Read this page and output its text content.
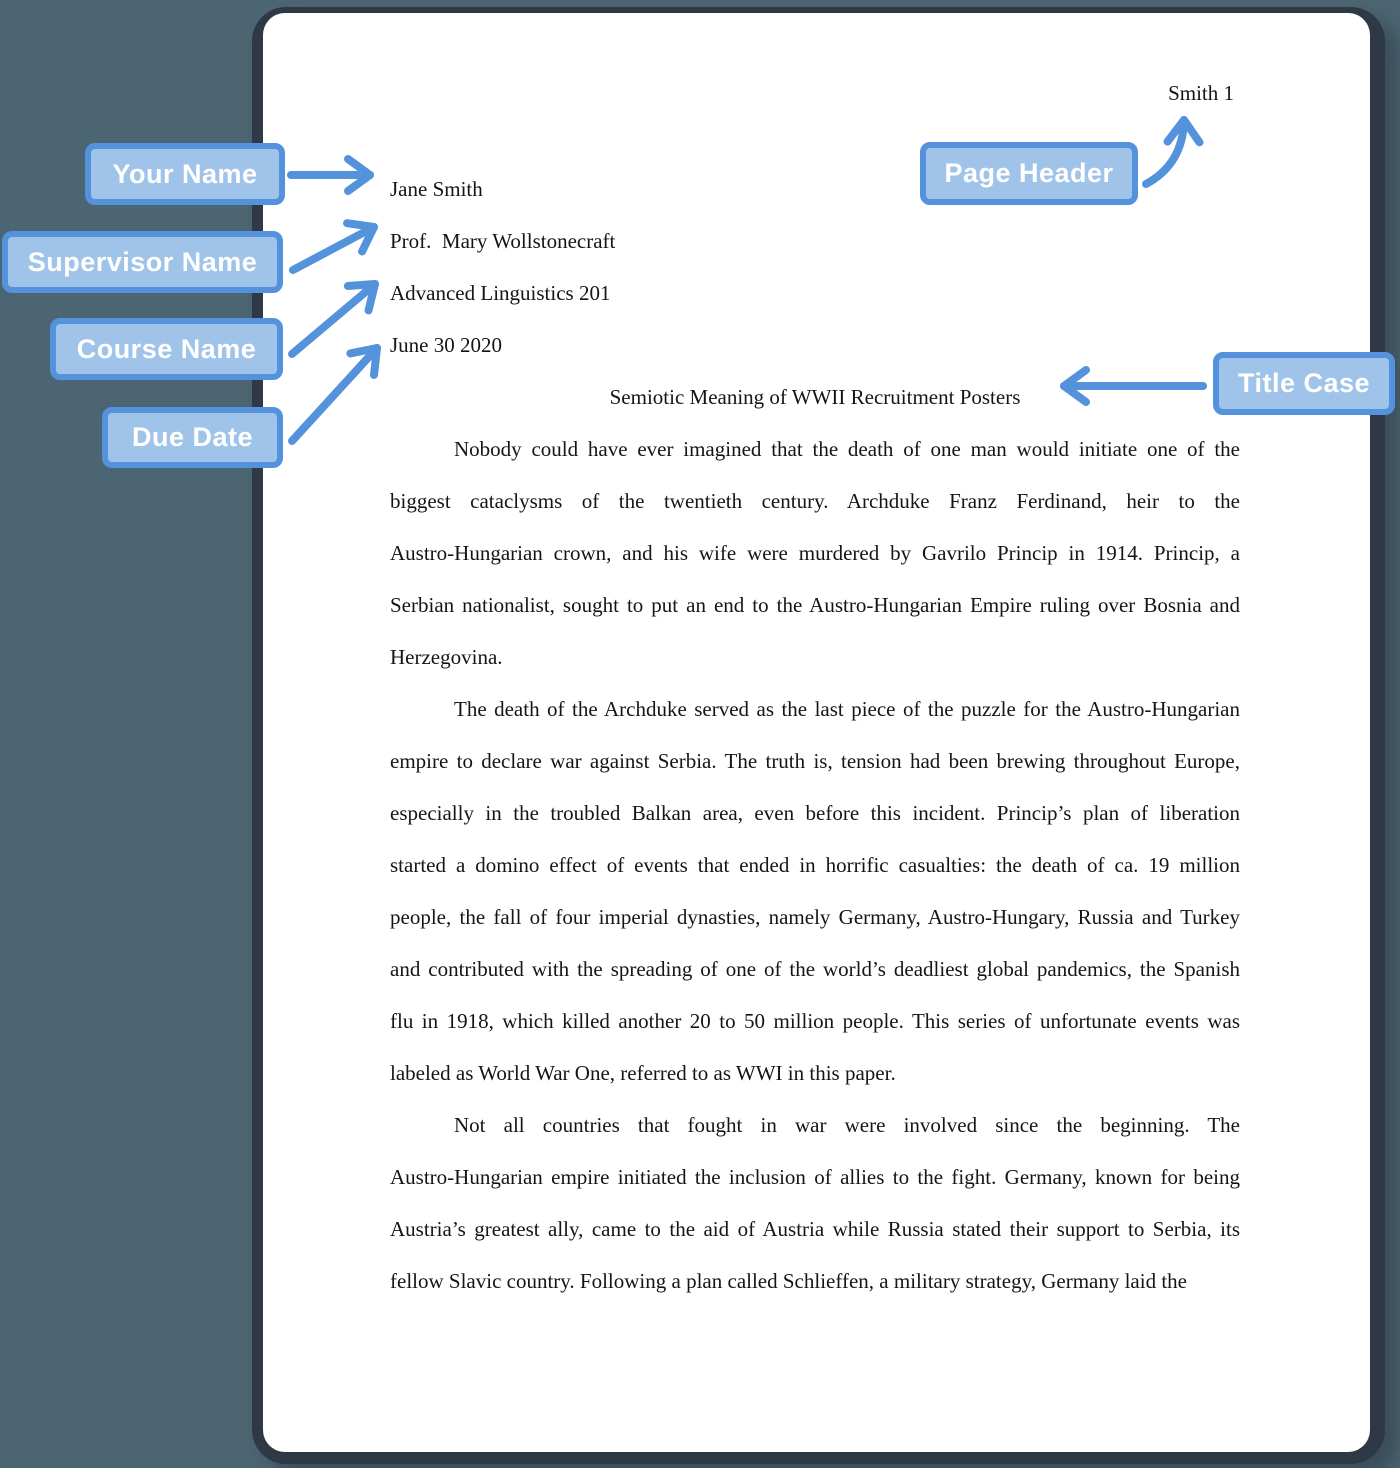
Smith 1
Jane Smith
Prof.  Mary Wollstonecraft
Advanced Linguistics 201
June 30 2020
Semiotic Meaning of WWII Recruitment Posters
Nobody could have ever imagined that the death of one man would initiate one of the
biggest cataclysms of the twentieth century. Archduke Franz Ferdinand, heir to the
Austro-Hungarian crown, and his wife were murdered by Gavrilo Princip in 1914. Princip, a
Serbian nationalist, sought to put an end to the Austro-Hungarian Empire ruling over Bosnia and
Herzegovina.
The death of the Archduke served as the last piece of the puzzle for the Austro-Hungarian
empire to declare war against Serbia. The truth is, tension had been brewing throughout Europe,
especially in the troubled Balkan area, even before this incident. Princip’s plan of liberation
started a domino effect of events that ended in horrific casualties: the death of ca. 19 million
people, the fall of four imperial dynasties, namely Germany, Austro-Hungary, Russia and Turkey
and contributed with the spreading of one of the world’s deadliest global pandemics, the Spanish
flu in 1918, which killed another 20 to 50 million people. This series of unfortunate events was
labeled as World War One, referred to as WWI in this paper.
Not all countries that fought in war were involved since the beginning. The
Austro-Hungarian empire initiated the inclusion of allies to the fight. Germany, known for being
Austria’s greatest ally, came to the aid of Austria while Russia stated their support to Serbia, its
fellow Slavic country. Following a plan called Schlieffen, a military strategy, Germany laid the
Your Name
Supervisor Name
Course Name
Due Date
Page Header
Title Case
